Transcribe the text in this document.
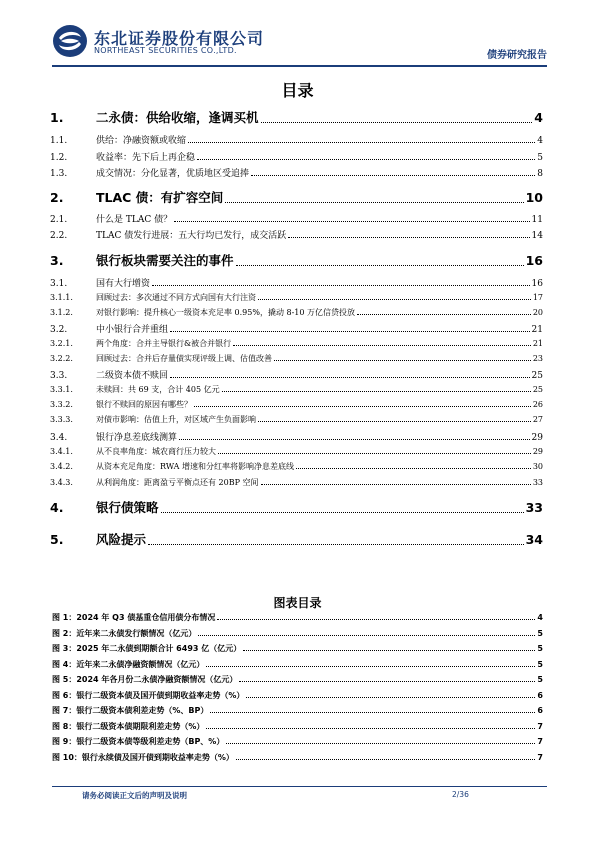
东北证券股份有限公司
NORTHEAST SECURITIES CO.,LTD.	债券研究报告
目录
1.	二永债：供给收缩，逢调买机	4
1.1.	供给：净融资额或收缩	4
1.2.	收益率：先下后上再企稳	5
1.3.	成交情况：分化显著，优质地区受追捧	8
2.	TLAC 债：有扩容空间	10
2.1.	什么是 TLAC 债？	11
2.2.	TLAC 债发行进展：五大行均已发行，成交活跃	14
3.	银行板块需要关注的事件	16
3.1.	国有大行增资	16
3.1.1.	回顾过去：多次通过不同方式向国有大行注资	17
3.1.2.	对银行影响：提升核心一级资本充足率 0.95%，撬动 8-10 万亿信贷投放	20
3.2.	中小银行合并重组	21
3.2.1.	两个角度：合并主导银行&被合并银行	21
3.2.2.	回顾过去：合并后存量债实现评级上调、估值改善	23
3.3.	二级资本债不赎回	25
3.3.1.	未赎回：共 69 支，合计 405 亿元	25
3.3.2.	银行不赎回的原因有哪些？	26
3.3.3.	对债市影响：估值上升，对区域产生负面影响	27
3.4.	银行净息差底线测算	29
3.4.1.	从不良率角度：城农商行压力较大	29
3.4.2.	从资本充足角度：RWA 增速和分红率将影响净息差底线	30
3.4.3.	从利润角度：距离盈亏平衡点还有 20BP 空间	33
4.	银行债策略	33
5.	风险提示	34
图表目录
图 1：2024 年 Q3 债基重仓信用债分布情况	4
图 2：近年来二永债发行额情况（亿元）	5
图 3：2025 年二永债到期额合计 6493 亿（亿元）	5
图 4：近年来二永债净融资额情况（亿元）	5
图 5：2024 年各月份二永债净融资额情况（亿元）	5
图 6：银行二级资本债及国开债到期收益率走势（%）	6
图 7：银行二级资本债利差走势（%、BP）	6
图 8：银行二级资本债期限利差走势（%）	7
图 9：银行二级资本债等级利差走势（BP、%）	7
图 10：银行永续债及国开债到期收益率走势（%）	7
请务必阅读正文后的声明及说明	2/36
